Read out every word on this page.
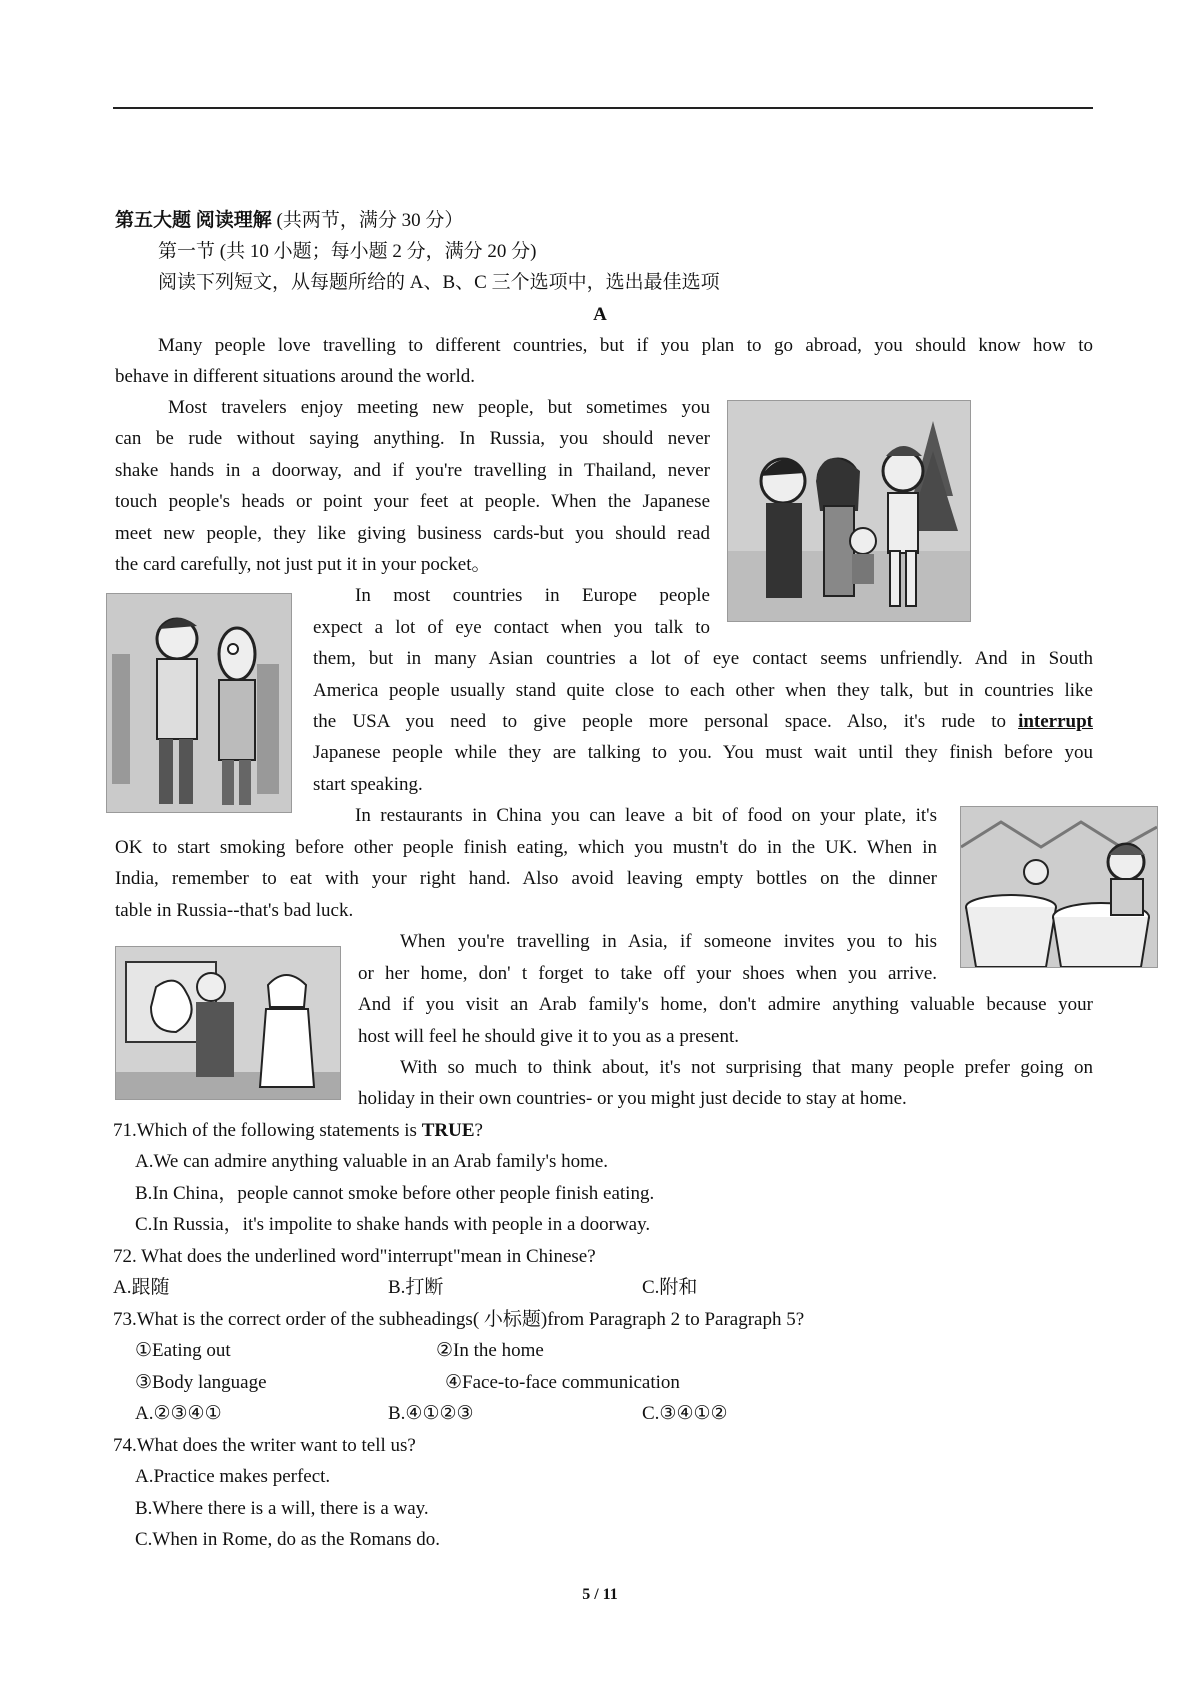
第五大题 阅读理解 (共两节，满分 30 分）
第一节 (共 10 小题；每小题 2 分，满分 20 分)
阅读下列短文，从每题所给的 A、B、C 三个选项中，选出最佳选项
A
Many people love travelling to different countries, but if you plan to go abroad, you should know how to
behave in different situations around the world.
Most travelers enjoy meeting new people, but sometimes you
can be rude without saying anything. In Russia, you should never
shake hands in a doorway, and if you're travelling in Thailand, never
touch people's heads or point your feet at people. When the Japanese
meet new people, they like giving business cards-but you should read
the card carefully, not just put it in your pocket。
In most countries in Europe people
expect a lot of eye contact when you talk to
them, but in many Asian countries a lot of eye contact seems unfriendly. And in South
America people usually stand quite close to each other when they talk, but in countries like
the USA you need to give people more personal space. Also, it's rude to interrupt
Japanese people while they are talking to you. You must wait until they finish before you
start speaking.
In restaurants in China you can leave a bit of food on your plate, it's
OK to start smoking before other people finish eating, which you mustn't do in the UK. When in
India, remember to eat with your right hand. Also avoid leaving empty bottles on the dinner
table in Russia--that's bad luck.
When you're travelling in Asia, if someone invites you to his
or her home, don' t forget to take off your shoes when you arrive.
And if you visit an Arab family's home, don't admire anything valuable because your
host will feel he should give it to you as a present.
With so much to think about, it's not surprising that many people prefer going on
holiday in their own countries- or you might just decide to stay at home.
71.Which of the following statements is TRUE?
A.We can admire anything valuable in an Arab family's home.
B.In China，people cannot smoke before other people finish eating.
C.In Russia，it's impolite to shake hands with people in a doorway.
72. What does the underlined word"interrupt"mean in Chinese?
A.跟随	B.打断	C.附和
73.What is the correct order of the subheadings( 小标题)from Paragraph 2 to Paragraph 5?
①Eating out	②In the home
③Body language	④Face-to-face communication
A.②③④①	B.④①②③	C.③④①②
74.What does the writer want to tell us?
A.Practice makes perfect.
B.Where there is a will, there is a way.
C.When in Rome, do as the Romans do.
5 / 11
